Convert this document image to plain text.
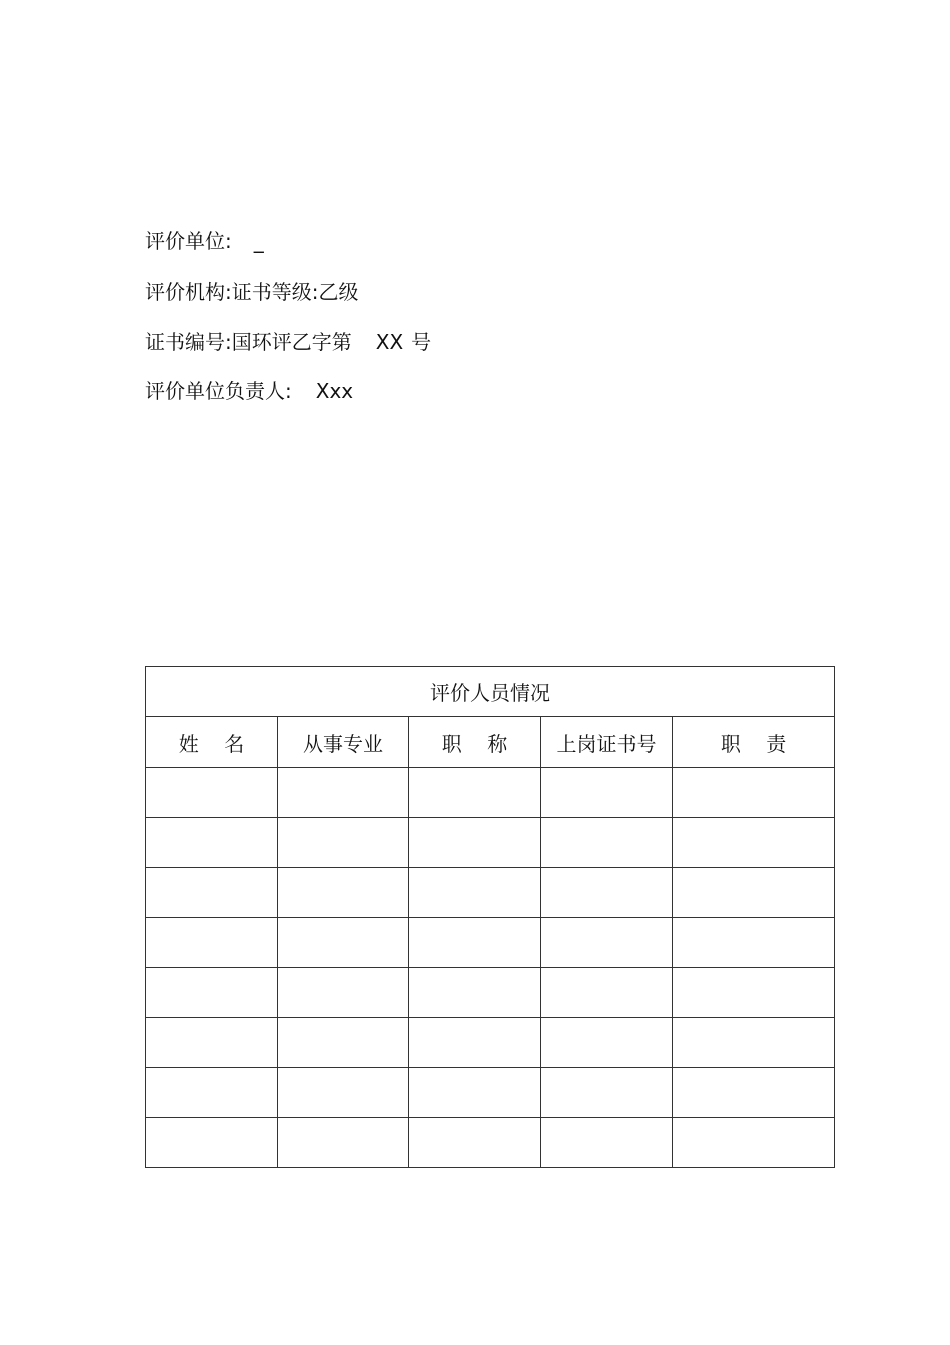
评价单位: _
评价机构:证书等级:乙级
证书编号:国环评乙字第 XX 号
评价单位负责人: Xxx
评价人员情况				
姓    名	从事专业	职    称	上岗证书号	职    责
